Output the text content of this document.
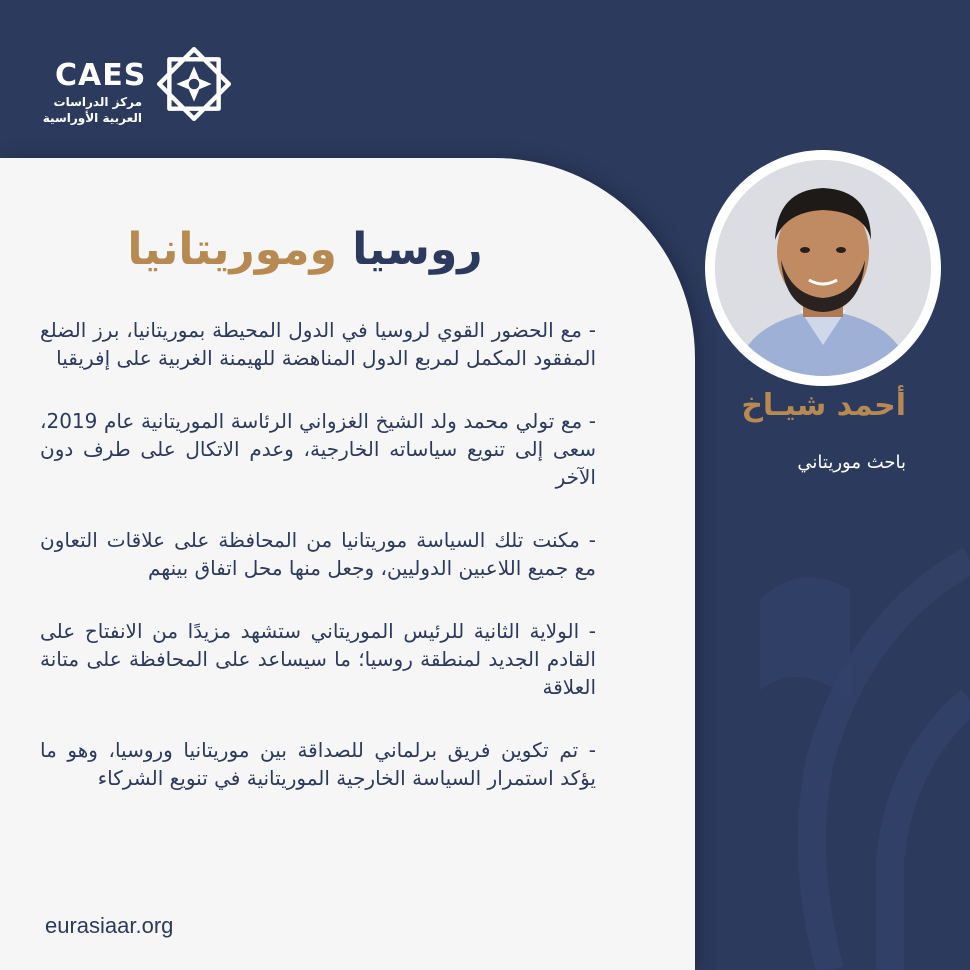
CAES
مركز الدراسات
العربية الأوراسية
روسيا وموريتانيا

- مع الحضور القوي لروسيا في الدول المحيطة بموريتانيا، برز الضلع المفقود المكمل لمربع الدول المناهضة للهيمنة الغربية على إفريقيا

- مع تولي محمد ولد الشيخ الغزواني الرئاسة الموريتانية عام 2019، سعى إلى تنويع سياساته الخارجية، وعدم الاتكال على طرف دون الآخر

- مكنت تلك السياسة موريتانيا من المحافظة على علاقات التعاون مع جميع اللاعبين الدوليين، وجعل منها محل اتفاق بينهم

- الولاية الثانية للرئيس الموريتاني ستشهد مزيدًا من الانفتاح على القادم الجديد لمنطقة روسيا؛ ما سيساعد على المحافظة على متانة العلاقة

- تم تكوين فريق برلماني للصداقة بين موريتانيا وروسيا، وهو ما يؤكد استمرار السياسة الخارجية الموريتانية في تنويع الشركاء

eurasiaar.org
أحمد شيـاخ
باحث موريتاني
